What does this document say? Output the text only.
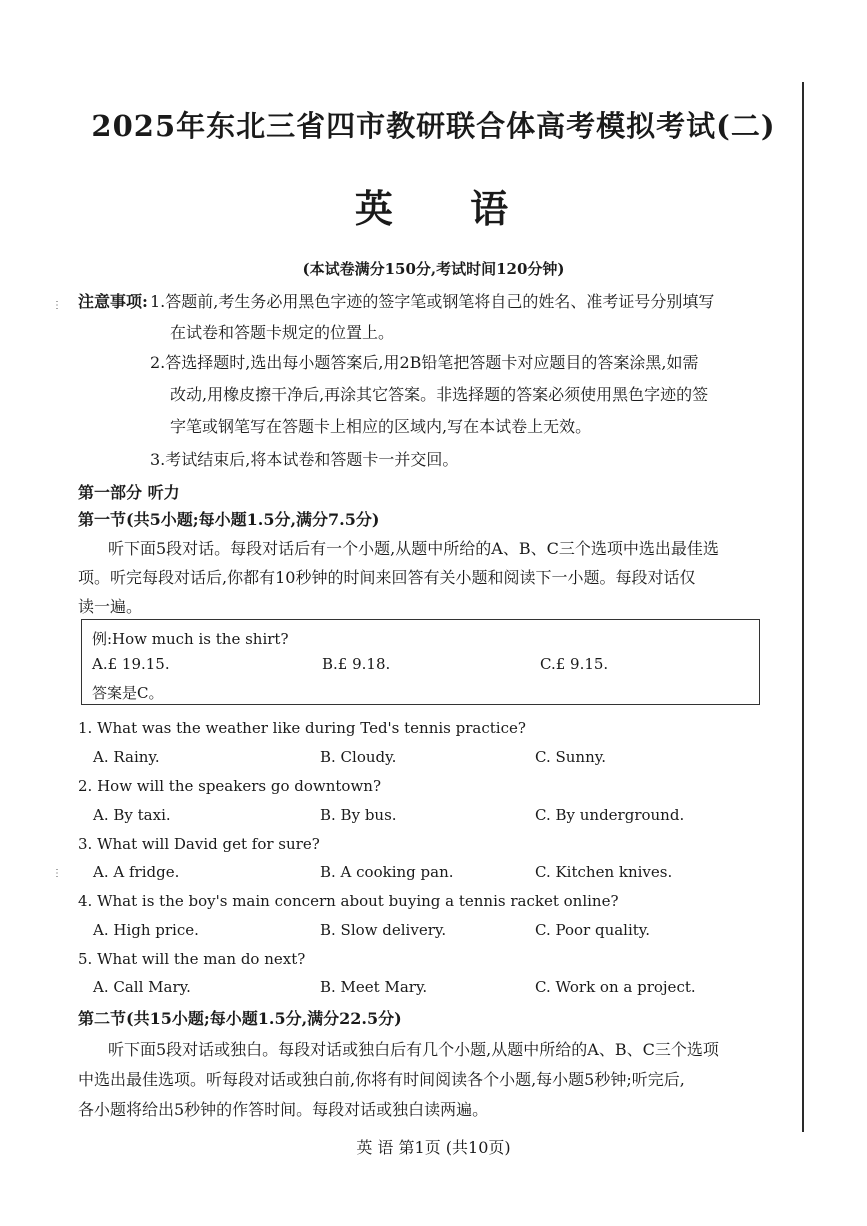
⋮
⋮
2025年东北三省四市教研联合体高考模拟考试(二)
英 语
(本试卷满分150分,考试时间120分钟)
注意事项: 1.答题前,考生务必用黑色字迹的签字笔或钢笔将自己的姓名、准考证号分别填写
在试卷和答题卡规定的位置上。
2.答选择题时,选出每小题答案后,用2B铅笔把答题卡对应题目的答案涂黑,如需
改动,用橡皮擦干净后,再涂其它答案。非选择题的答案必须使用黑色字迹的签
字笔或钢笔写在答题卡上相应的区域内,写在本试卷上无效。
3.考试结束后,将本试卷和答题卡一并交回。
第一部分 听力
第一节(共5小题;每小题1.5分,满分7.5分)
听下面5段对话。每段对话后有一个小题,从题中所给的A、B、C三个选项中选出最佳选
项。听完每段对话后,你都有10秒钟的时间来回答有关小题和阅读下一小题。每段对话仅
读一遍。
例:How much is the shirt?
A.£ 19.15.	B.£ 9.18.	C.£ 9.15.
答案是C。
1. What was the weather like during Ted's tennis practice?
A. Rainy.	B. Cloudy.	C. Sunny.
2. How will the speakers go downtown?
A. By taxi.	B. By bus.	C. By underground.
3. What will David get for sure?
A. A fridge.	B. A cooking pan.	C. Kitchen knives.
4. What is the boy's main concern about buying a tennis racket online?
A. High price.	B. Slow delivery.	C. Poor quality.
5. What will the man do next?
A. Call Mary.	B. Meet Mary.	C. Work on a project.
第二节(共15小题;每小题1.5分,满分22.5分)
听下面5段对话或独白。每段对话或独白后有几个小题,从题中所给的A、B、C三个选项
中选出最佳选项。听每段对话或独白前,你将有时间阅读各个小题,每小题5秒钟;听完后,
各小题将给出5秒钟的作答时间。每段对话或独白读两遍。
英 语 第1页 (共10页)
